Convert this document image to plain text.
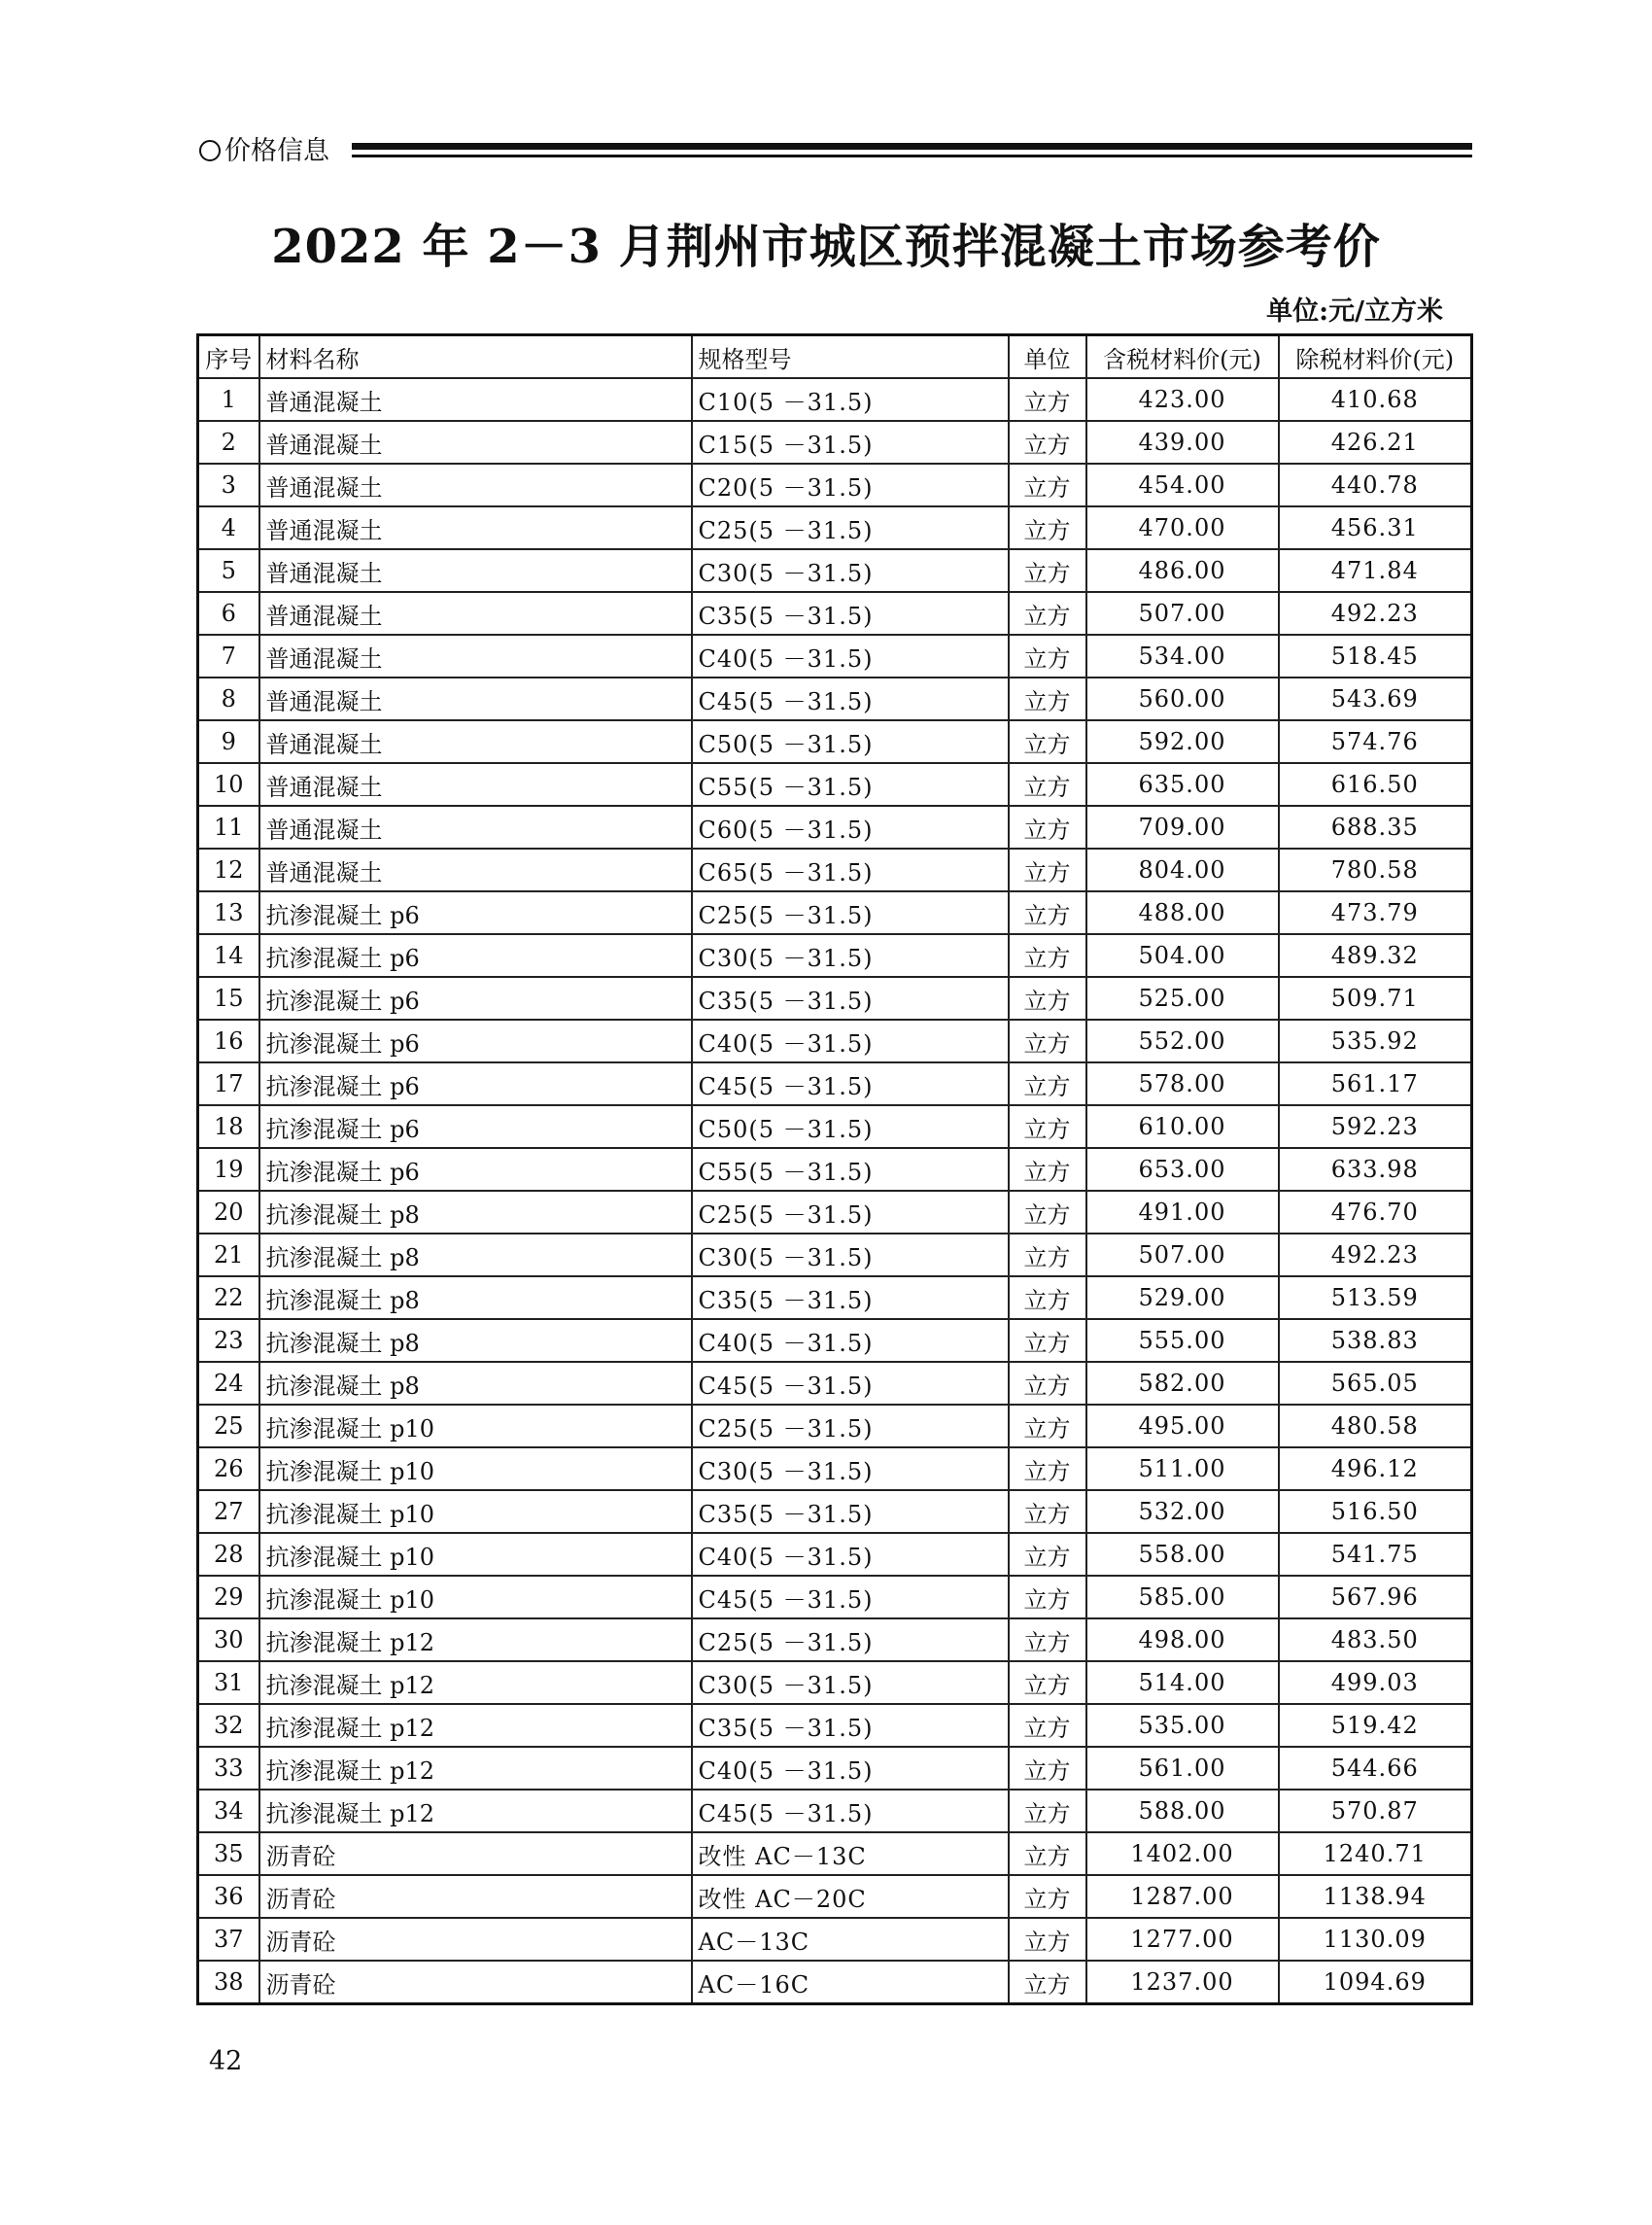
价格信息
2022 年 2－3 月荆州市城区预拌混凝土市场参考价
单位:元/立方米
序号	材料名称	规格型号	单位	含税材料价(元)	除税材料价(元)
1	普通混凝土	C10(5 －31.5)	立方	423.00	410.68
2	普通混凝土	C15(5 －31.5)	立方	439.00	426.21
3	普通混凝土	C20(5 －31.5)	立方	454.00	440.78
4	普通混凝土	C25(5 －31.5)	立方	470.00	456.31
5	普通混凝土	C30(5 －31.5)	立方	486.00	471.84
6	普通混凝土	C35(5 －31.5)	立方	507.00	492.23
7	普通混凝土	C40(5 －31.5)	立方	534.00	518.45
8	普通混凝土	C45(5 －31.5)	立方	560.00	543.69
9	普通混凝土	C50(5 －31.5)	立方	592.00	574.76
10	普通混凝土	C55(5 －31.5)	立方	635.00	616.50
11	普通混凝土	C60(5 －31.5)	立方	709.00	688.35
12	普通混凝土	C65(5 －31.5)	立方	804.00	780.58
13	抗渗混凝土 p6	C25(5 －31.5)	立方	488.00	473.79
14	抗渗混凝土 p6	C30(5 －31.5)	立方	504.00	489.32
15	抗渗混凝土 p6	C35(5 －31.5)	立方	525.00	509.71
16	抗渗混凝土 p6	C40(5 －31.5)	立方	552.00	535.92
17	抗渗混凝土 p6	C45(5 －31.5)	立方	578.00	561.17
18	抗渗混凝土 p6	C50(5 －31.5)	立方	610.00	592.23
19	抗渗混凝土 p6	C55(5 －31.5)	立方	653.00	633.98
20	抗渗混凝土 p8	C25(5 －31.5)	立方	491.00	476.70
21	抗渗混凝土 p8	C30(5 －31.5)	立方	507.00	492.23
22	抗渗混凝土 p8	C35(5 －31.5)	立方	529.00	513.59
23	抗渗混凝土 p8	C40(5 －31.5)	立方	555.00	538.83
24	抗渗混凝土 p8	C45(5 －31.5)	立方	582.00	565.05
25	抗渗混凝土 p10	C25(5 －31.5)	立方	495.00	480.58
26	抗渗混凝土 p10	C30(5 －31.5)	立方	511.00	496.12
27	抗渗混凝土 p10	C35(5 －31.5)	立方	532.00	516.50
28	抗渗混凝土 p10	C40(5 －31.5)	立方	558.00	541.75
29	抗渗混凝土 p10	C45(5 －31.5)	立方	585.00	567.96
30	抗渗混凝土 p12	C25(5 －31.5)	立方	498.00	483.50
31	抗渗混凝土 p12	C30(5 －31.5)	立方	514.00	499.03
32	抗渗混凝土 p12	C35(5 －31.5)	立方	535.00	519.42
33	抗渗混凝土 p12	C40(5 －31.5)	立方	561.00	544.66
34	抗渗混凝土 p12	C45(5 －31.5)	立方	588.00	570.87
35	沥青砼	改性 AC－13C	立方	1402.00	1240.71
36	沥青砼	改性 AC－20C	立方	1287.00	1138.94
37	沥青砼	AC－13C	立方	1277.00	1130.09
38	沥青砼	AC－16C	立方	1237.00	1094.69
42
